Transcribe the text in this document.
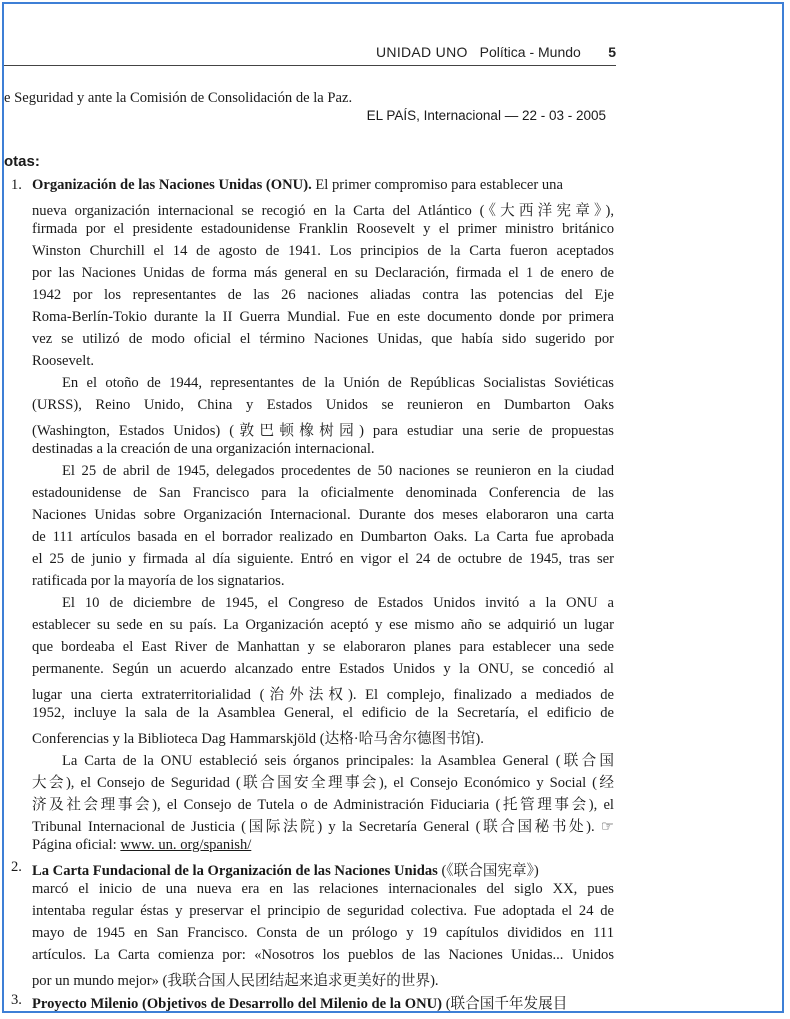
UNIDAD UNO Política - Mundo 5
e Seguridad y ante la Comisión de Consolidación de la Paz.
EL PAÍS, Internacional — 22 - 03 - 2005
otas:
1. Organización de las Naciones Unidas (ONU). El primer compromiso para establecer una
nueva organización internacional se recogió en la Carta del Atlántico (《大西洋宪章》),
firmada por el presidente estadounidense Franklin Roosevelt y el primer ministro británico
Winston Churchill el 14 de agosto de 1941. Los principios de la Carta fueron aceptados
por las Naciones Unidas de forma más general en su Declaración, firmada el 1 de enero de
1942 por los representantes de las 26 naciones aliadas contra las potencias del Eje
Roma-Berlín-Tokio durante la II Guerra Mundial. Fue en este documento donde por primera
vez se utilizó de modo oficial el término Naciones Unidas, que había sido sugerido por
Roosevelt.
En el otoño de 1944, representantes de la Unión de Repúblicas Socialistas Soviéticas
(URSS), Reino Unido, China y Estados Unidos se reunieron en Dumbarton Oaks
(Washington, Estados Unidos) (敦巴顿橡树园) para estudiar una serie de propuestas
destinadas a la creación de una organización internacional.
El 25 de abril de 1945, delegados procedentes de 50 naciones se reunieron en la ciudad
estadounidense de San Francisco para la oficialmente denominada Conferencia de las
Naciones Unidas sobre Organización Internacional. Durante dos meses elaboraron una carta
de 111 artículos basada en el borrador realizado en Dumbarton Oaks. La Carta fue aprobada
el 25 de junio y firmada al día siguiente. Entró en vigor el 24 de octubre de 1945, tras ser
ratificada por la mayoría de los signatarios.
El 10 de diciembre de 1945, el Congreso de Estados Unidos invitó a la ONU a
establecer su sede en su país. La Organización aceptó y ese mismo año se adquirió un lugar
que bordeaba el East River de Manhattan y se elaboraron planes para establecer una sede
permanente. Según un acuerdo alcanzado entre Estados Unidos y la ONU, se concedió al
lugar una cierta extraterritorialidad (治外法权). El complejo, finalizado a mediados de
1952, incluye la sala de la Asamblea General, el edificio de la Secretaría, el edificio de
Conferencias y la Biblioteca Dag Hammarskjöld (达格·哈马舍尔德图书馆).
La Carta de la ONU estableció seis órganos principales: la Asamblea General (联合国
大会), el Consejo de Seguridad (联合国安全理事会), el Consejo Económico y Social (经
济及社会理事会), el Consejo de Tutela o de Administración Fiduciaria (托管理事会), el
Tribunal Internacional de Justicia (国际法院) y la Secretaría General (联合国秘书处). ☞
Página oficial: www. un. org/spanish/
2. La Carta Fundacional de la Organización de las Naciones Unidas (《联合国宪章》)
marcó el inicio de una nueva era en las relaciones internacionales del siglo XX, pues
intentaba regular éstas y preservar el principio de seguridad colectiva. Fue adoptada el 24 de
mayo de 1945 en San Francisco. Consta de un prólogo y 19 capítulos divididos en 111
artículos. La Carta comienza por: «Nosotros los pueblos de las Naciones Unidas... Unidos
por un mundo mejor» (我联合国人民团结起来追求更美好的世界).
3. Proyecto Milenio (Objetivos de Desarrollo del Milenio de la ONU) (联合国千年发展目
